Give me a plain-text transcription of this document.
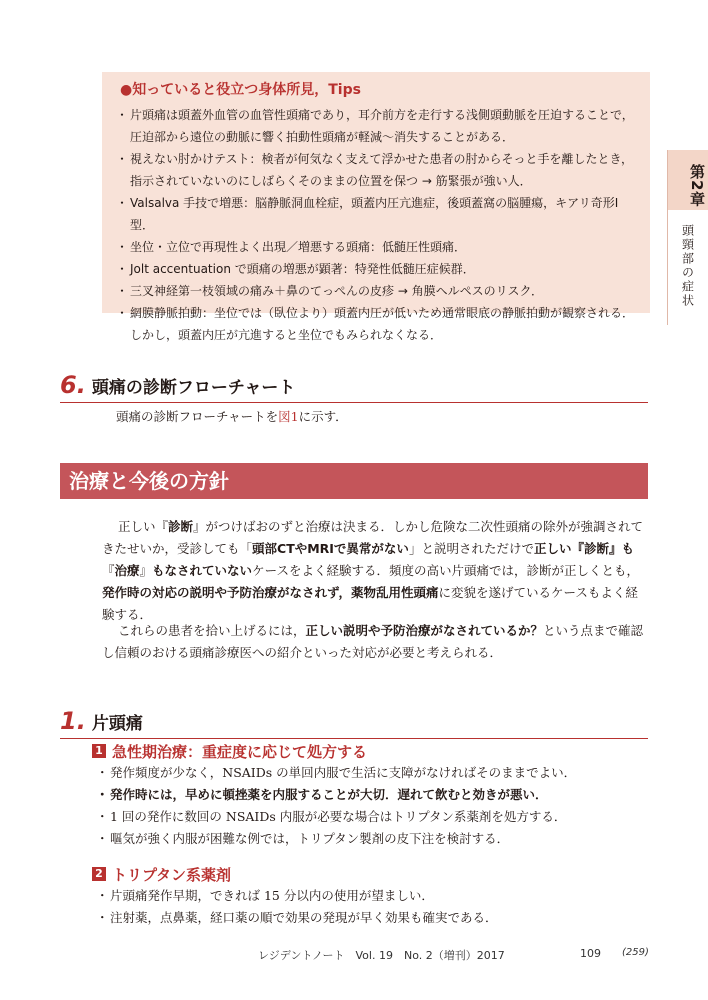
●知っていると役立つ身体所見，Tips

・ 片頭痛は頭蓋外血管の血管性頭痛であり，耳介前方を走行する浅側頭動脈を圧迫することで，圧迫部から遠位の動脈に響く拍動性頭痛が軽減〜消失することがある．

・ 視えない肘かけテスト：検者が何気なく支えて浮かせた患者の肘からそっと手を離したとき，指示されていないのにしばらくそのままの位置を保つ → 筋緊張が強い人．

・ Valsalva 手技で増悪：脳静脈洞血栓症，頭蓋内圧亢進症，後頭蓋窩の脳腫瘍，キアリ奇形Ⅰ型．

・ 坐位・立位で再現性よく出現／増悪する頭痛：低髄圧性頭痛．

・ Jolt accentuation で頭痛の増悪が顕著：特発性低髄圧症候群．

・ 三叉神経第一枝領域の痛み＋鼻のてっぺんの皮疹 → 角膜ヘルペスのリスク．

・ 網膜静脈拍動：坐位では（臥位より）頭蓋内圧が低いため通常眼底の静脈拍動が観察される．しかし，頭蓋内圧が亢進すると坐位でもみられなくなる．

第2章
頭頸部の症状
6. 頭痛の診断フローチャート
頭痛の診断フローチャートを図1に示す．
治療と今後の方針
正しい『診断』がつけばおのずと治療は決まる．しかし危険な二次性頭痛の除外が強調されてきたせいか，受診しても「頭部CTやMRIで異常がない」と説明されただけで正しい『診断』も『治療』もなされていないケースをよく経験する．頻度の高い片頭痛では，診断が正しくとも，発作時の対応の説明や予防治療がなされず，薬物乱用性頭痛に変貌を遂げているケースもよく経験する．
これらの患者を拾い上げるには，正しい説明や予防治療がなされているか？という点まで確認し信頼のおける頭痛診療医への紹介といった対応が必要と考えられる．
1. 片頭痛
1 急性期治療：重症度に応じて処方する

・ 発作頻度が少なく，NSAIDs の単回内服で生活に支障がなければそのままでよい．

・ 発作時には，早めに頓挫薬を内服することが大切．遅れて飲むと効きが悪い．

・ 1 回の発作に数回の NSAIDs 内服が必要な場合はトリプタン系薬剤を処方する．

・ 嘔気が強く内服が困難な例では，トリプタン製剤の皮下注を検討する．

2 トリプタン系薬剤

・ 片頭痛発作早期，できれば 15 分以内の使用が望ましい．

・ 注射薬，点鼻薬，経口薬の順で効果の発現が早く効果も確実である．

レジデントノート　Vol. 19　No. 2（増刊）2017	109 (259)
